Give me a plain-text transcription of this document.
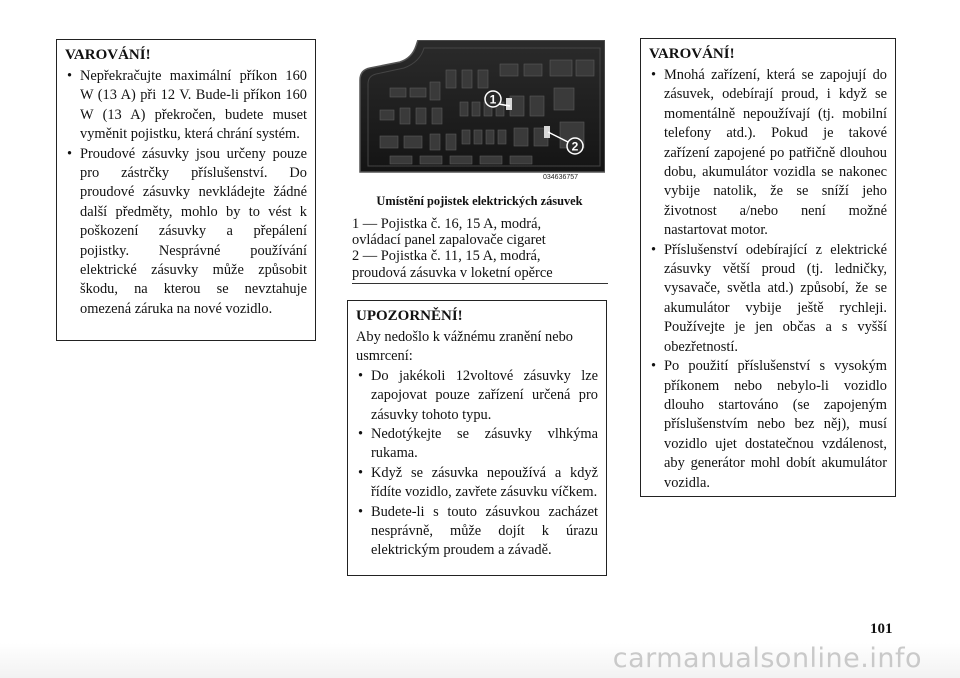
VAROVÁNÍ!
• Nepřekračujte maximální příkon 160 W (13 A) při 12 V. Bude-li příkon 160 W (13 A) překročen, budete muset vyměnit pojistku, která chrání systém.
• Proudové zásuvky jsou určeny pouze pro zástrčky příslušenství. Do proudové zásuvky nevkládejte žádné další předměty, mohlo by to vést k poškození zásuvky a přepálení pojistky. Nesprávné používání elektrické zásuvky může způsobit škodu, na kterou se nevztahuje omezená záruka na nové vozidlo.
1
2
034636757
Umístění pojistek elektrických zásuvek
1 — Pojistka č. 16, 15 A, modrá,
ovládací panel zapalovače cigaret
2 — Pojistka č. 11, 15 A, modrá,
proudová zásuvka v loketní opěrce
UPOZORNĚNÍ!

Aby nedošlo k vážnému zranění nebo usmrcení:

• Do jakékoli 12voltové zásuvky lze zapojovat pouze zařízení určená pro zásuvky tohoto typu.
• Nedotýkejte se zásuvky vlhkýma rukama.
• Když se zásuvka nepoužívá a když řídíte vozidlo, zavřete zásuvku víčkem.
• Budete-li s touto zásuvkou zacházet nesprávně, může dojít k úrazu elektrickým proudem a závadě.
VAROVÁNÍ!
• Mnohá zařízení, která se zapojují do zásuvek, odebírají proud, i když se momentálně nepoužívají (tj. mobilní telefony atd.). Pokud je takové zařízení zapojené po patřičně dlouhou dobu, akumulátor vozidla se nakonec vybije natolik, že se sníží jeho životnost a/nebo není možné nastartovat motor.
• Příslušenství odebírající z elektrické zásuvky větší proud (tj. ledničky, vysavače, světla atd.) způsobí, že se akumulátor vybije ještě rychleji. Používejte je jen občas a s vyšší obezřetností.
• Po použití příslušenství s vysokým příkonem nebo nebylo-li vozidlo dlouho startováno (se zapojeným příslušenstvím nebo bez něj), musí vozidlo ujet dostatečnou vzdálenost, aby generátor mohl dobít akumulátor vozidla.
101
carmanualsonline.info
